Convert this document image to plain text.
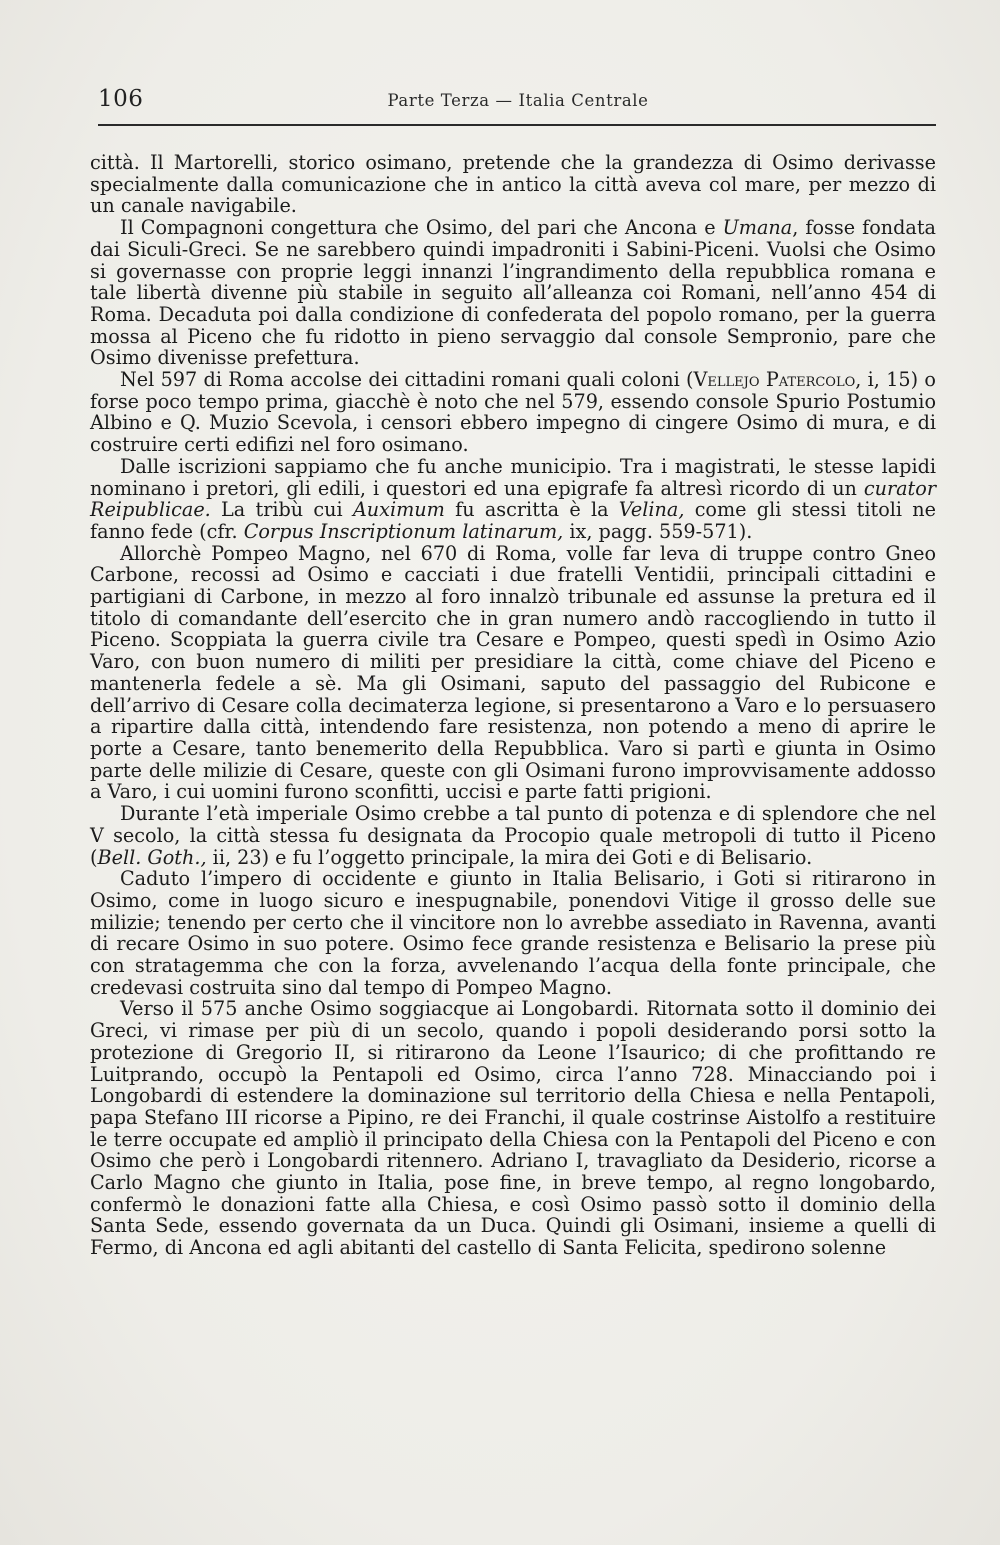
106	Parte Terza — Italia Centrale

città. Il Martorelli, storico osimano, pretende che la grandezza di Osimo derivasse specialmente dalla comunicazione che in antico la città aveva col mare, per mezzo di un canale navigabile.

Il Compagnoni congettura che Osimo, del pari che Ancona e Umana, fosse fondata dai Siculi-Greci. Se ne sarebbero quindi impadroniti i Sabini-Piceni. Vuolsi che Osimo si governasse con proprie leggi innanzi l’ingrandimento della repubblica romana e tale libertà divenne più stabile in seguito all’alleanza coi Romani, nell’anno 454 di Roma. Decaduta poi dalla condizione di confederata del popolo romano, per la guerra mossa al Piceno che fu ridotto in pieno servaggio dal console Sempronio, pare che Osimo divenisse prefettura.

Nel 597 di Roma accolse dei cittadini romani quali coloni (Vellejo Patercolo, i, 15) o forse poco tempo prima, giacchè è noto che nel 579, essendo console Spurio Postumio Albino e Q. Muzio Scevola, i censori ebbero impegno di cingere Osimo di mura, e di costruire certi edifizi nel foro osimano.

Dalle iscrizioni sappiamo che fu anche municipio. Tra i magistrati, le stesse lapidi nominano i pretori, gli edili, i questori ed una epigrafe fa altresì ricordo di un curator Reipublicae. La tribù cui Auximum fu ascritta è la Velina, come gli stessi titoli ne fanno fede (cfr. Corpus Inscriptionum latinarum, ix, pagg. 559-571).

Allorchè Pompeo Magno, nel 670 di Roma, volle far leva di truppe contro Gneo Carbone, recossi ad Osimo e cacciati i due fratelli Ventidii, principali cittadini e partigiani di Carbone, in mezzo al foro innalzò tribunale ed assunse la pretura ed il titolo di comandante dell’esercito che in gran numero andò raccogliendo in tutto il Piceno. Scoppiata la guerra civile tra Cesare e Pompeo, questi spedì in Osimo Azio Varo, con buon numero di militi per presidiare la città, come chiave del Piceno e mantenerla fedele a sè. Ma gli Osimani, saputo del passaggio del Rubicone e dell’arrivo di Cesare colla decimaterza legione, si presentarono a Varo e lo persuasero a ripartire dalla città, intendendo fare resistenza, non potendo a meno di aprire le porte a Cesare, tanto benemerito della Repubblica. Varo si partì e giunta in Osimo parte delle milizie di Cesare, queste con gli Osimani furono improvvisamente addosso a Varo, i cui uomini furono sconfitti, uccisi e parte fatti prigioni.

Durante l’età imperiale Osimo crebbe a tal punto di potenza e di splendore che nel V secolo, la città stessa fu designata da Procopio quale metropoli di tutto il Piceno (Bell. Goth., ii, 23) e fu l’oggetto principale, la mira dei Goti e di Belisario.

Caduto l’impero di occidente e giunto in Italia Belisario, i Goti si ritirarono in Osimo, come in luogo sicuro e inespugnabile, ponendovi Vitige il grosso delle sue milizie; tenendo per certo che il vincitore non lo avrebbe assediato in Ravenna, avanti di recare Osimo in suo potere. Osimo fece grande resistenza e Belisario la prese più con stratagemma che con la forza, avvelenando l’acqua della fonte principale, che credevasi costruita sino dal tempo di Pompeo Magno.

Verso il 575 anche Osimo soggiacque ai Longobardi. Ritornata sotto il dominio dei Greci, vi rimase per più di un secolo, quando i popoli desiderando porsi sotto la protezione di Gregorio II, si ritirarono da Leone l’Isaurico; di che profittando re Luitprando, occupò la Pentapoli ed Osimo, circa l’anno 728. Minacciando poi i Longobardi di estendere la dominazione sul territorio della Chiesa e nella Pentapoli, papa Stefano III ricorse a Pipino, re dei Franchi, il quale costrinse Aistolfo a restituire le terre occupate ed ampliò il principato della Chiesa con la Pentapoli del Piceno e con Osimo che però i Longobardi ritennero. Adriano I, travagliato da Desiderio, ricorse a Carlo Magno che giunto in Italia, pose fine, in breve tempo, al regno longobardo, confermò le donazioni fatte alla Chiesa, e così Osimo passò sotto il dominio della Santa Sede, essendo governata da un Duca. Quindi gli Osimani, insieme a quelli di Fermo, di Ancona ed agli abitanti del castello di Santa Felicita, spedirono solenne
